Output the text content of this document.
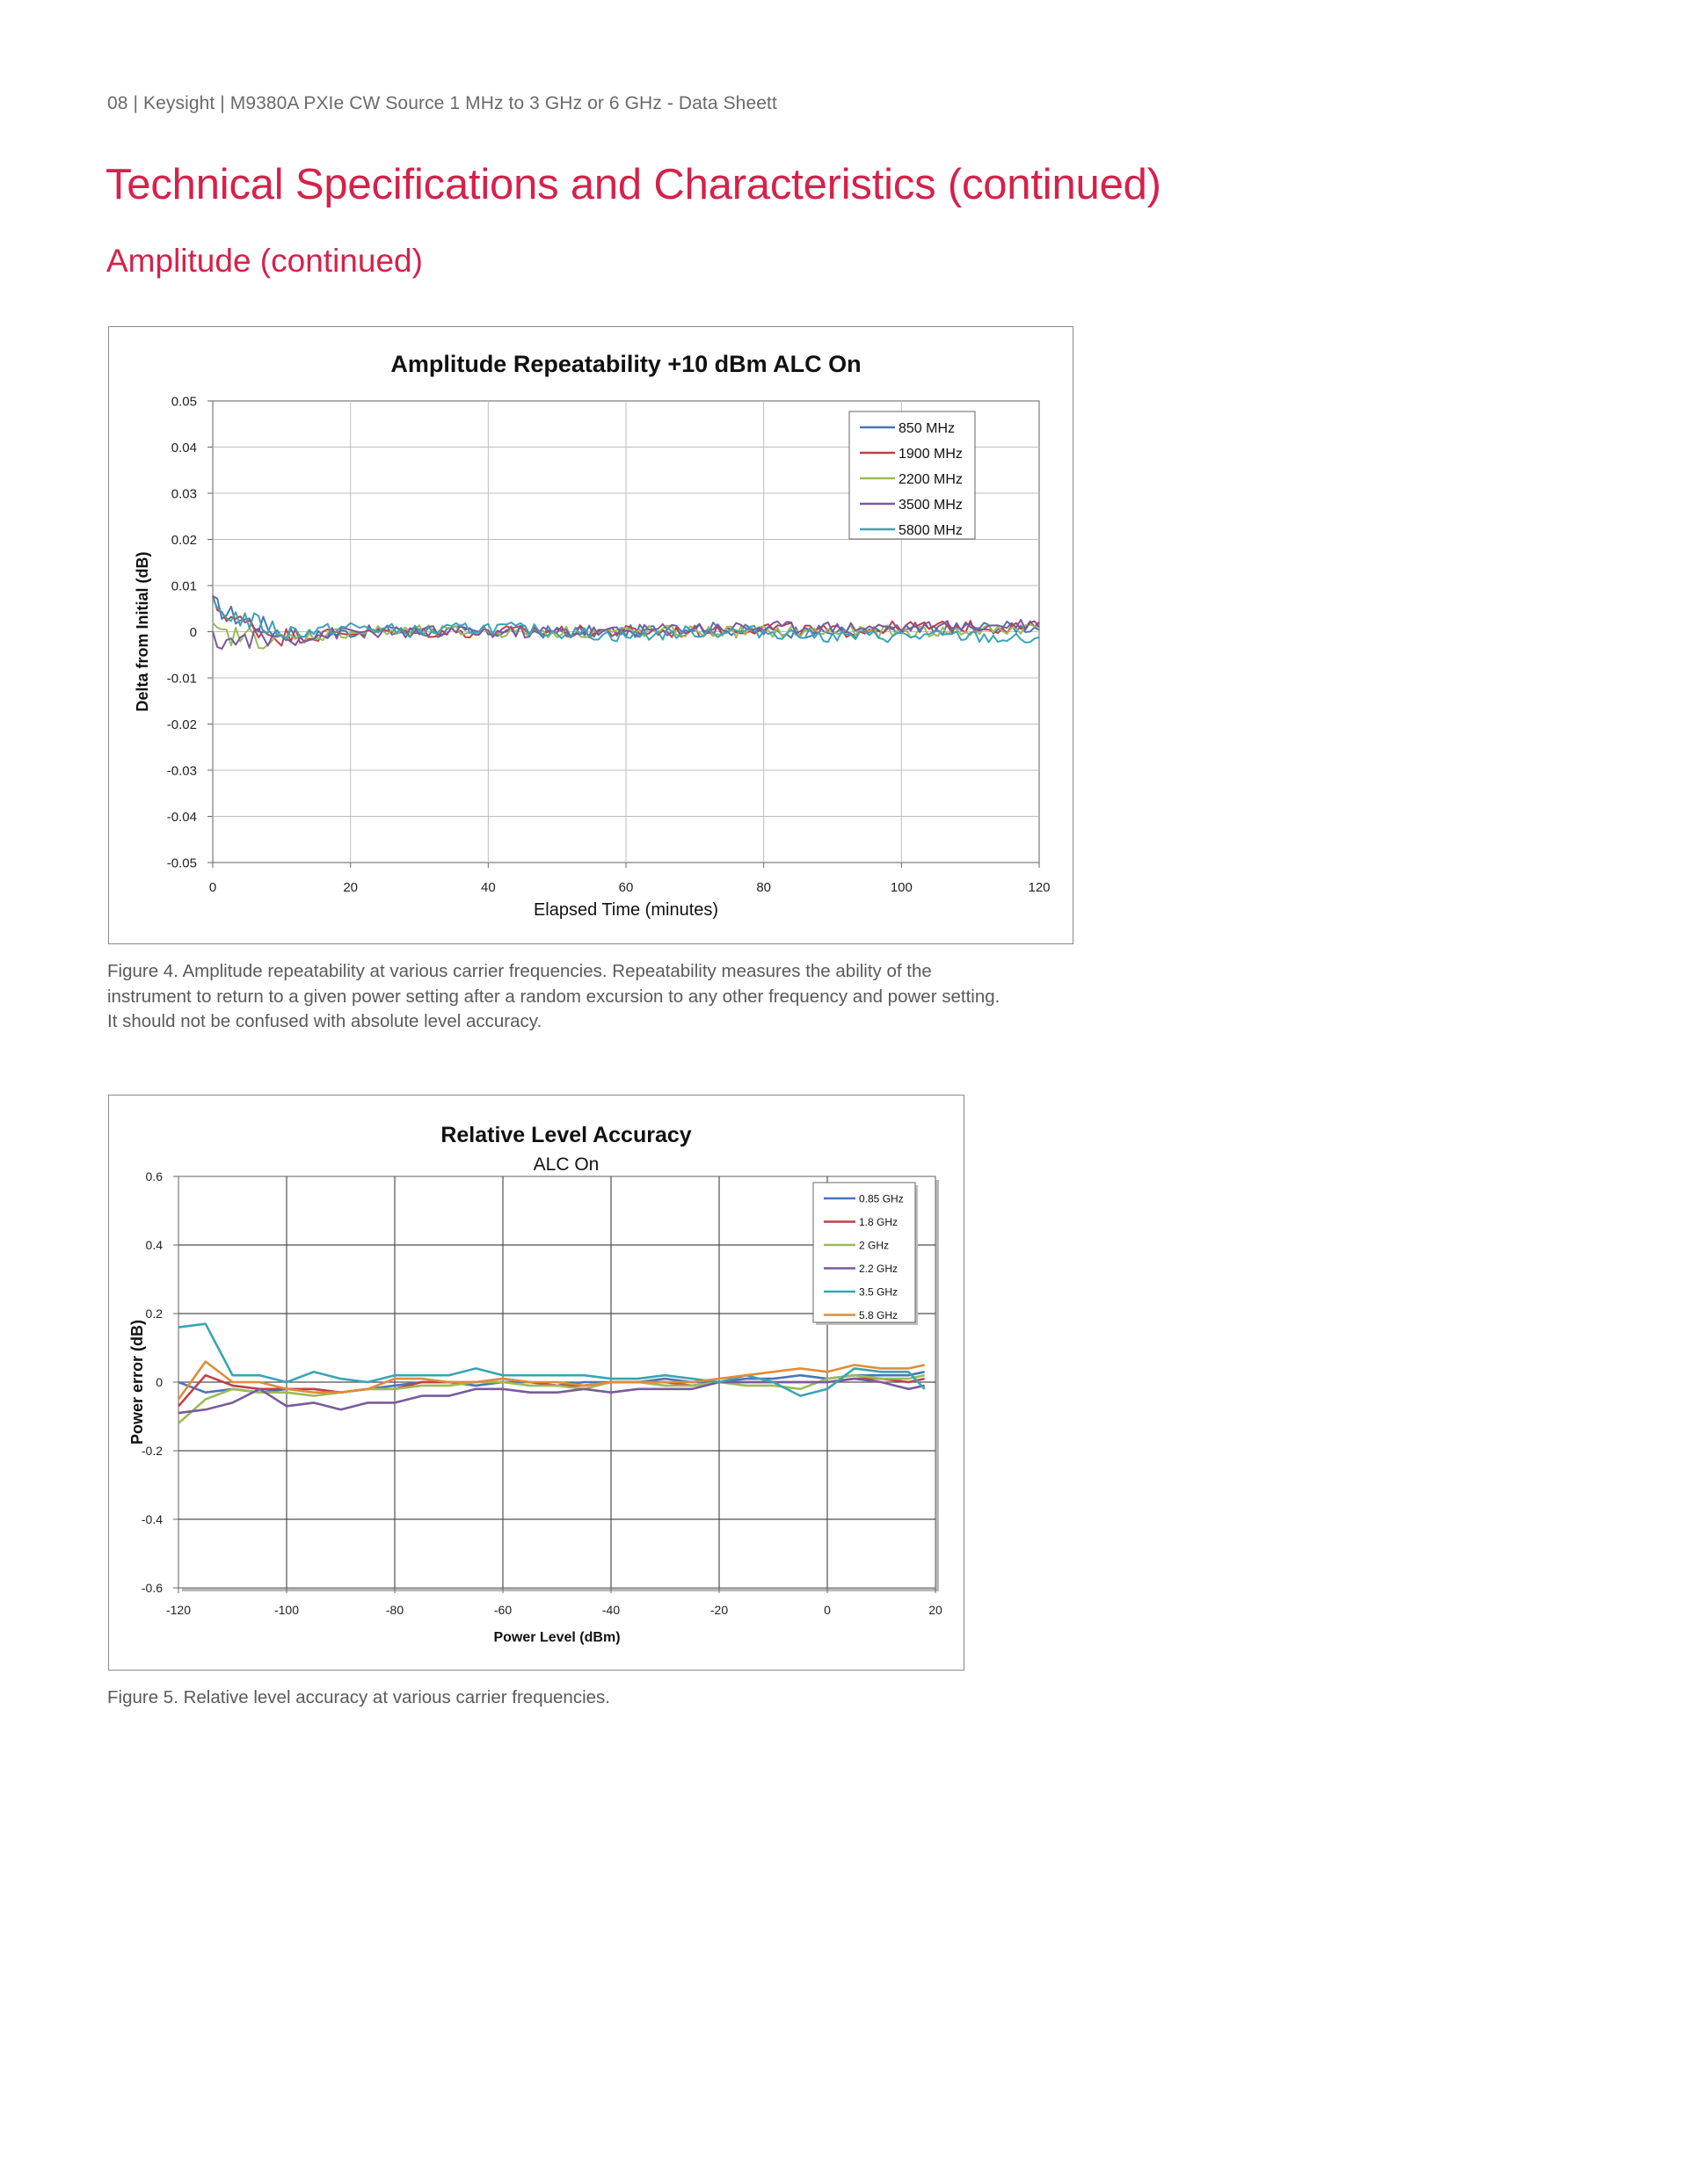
08 | Keysight | M9380A PXIe CW Source 1 MHz to 3 GHz or 6 GHz - Data Sheett
Technical Specifications and Characteristics (continued)
Amplitude (continued)
0	20	40	60	80	100	120
-0.05
-0.04
-0.03
-0.02
-0.01
0
0.01
0.02
0.03
0.04
0.05
Amplitude Repeatability +10 dBm ALC On
Elapsed Time (minutes)
Delta from Initial (dB)
850 MHz
1900 MHz
2200 MHz
3500 MHz
5800 MHz
Figure 4. Amplitude repeatability at various carrier frequencies. Repeatability measures the ability of the
instrument to return to a given power setting after a random excursion to any other frequency and power setting.
It should not be confused with absolute level accuracy.
-120	-100	-80	-60	-40	-20	0	20
-0.6
-0.4
-0.2
0
0.2
0.4
0.6
Relative Level Accuracy
ALC On
Power Level (dBm)
Power error (dB)
0.85 GHz
1.8 GHz
2 GHz
2.2 GHz
3.5 GHz
5.8 GHz
Figure 5. Relative level accuracy at various carrier frequencies.
